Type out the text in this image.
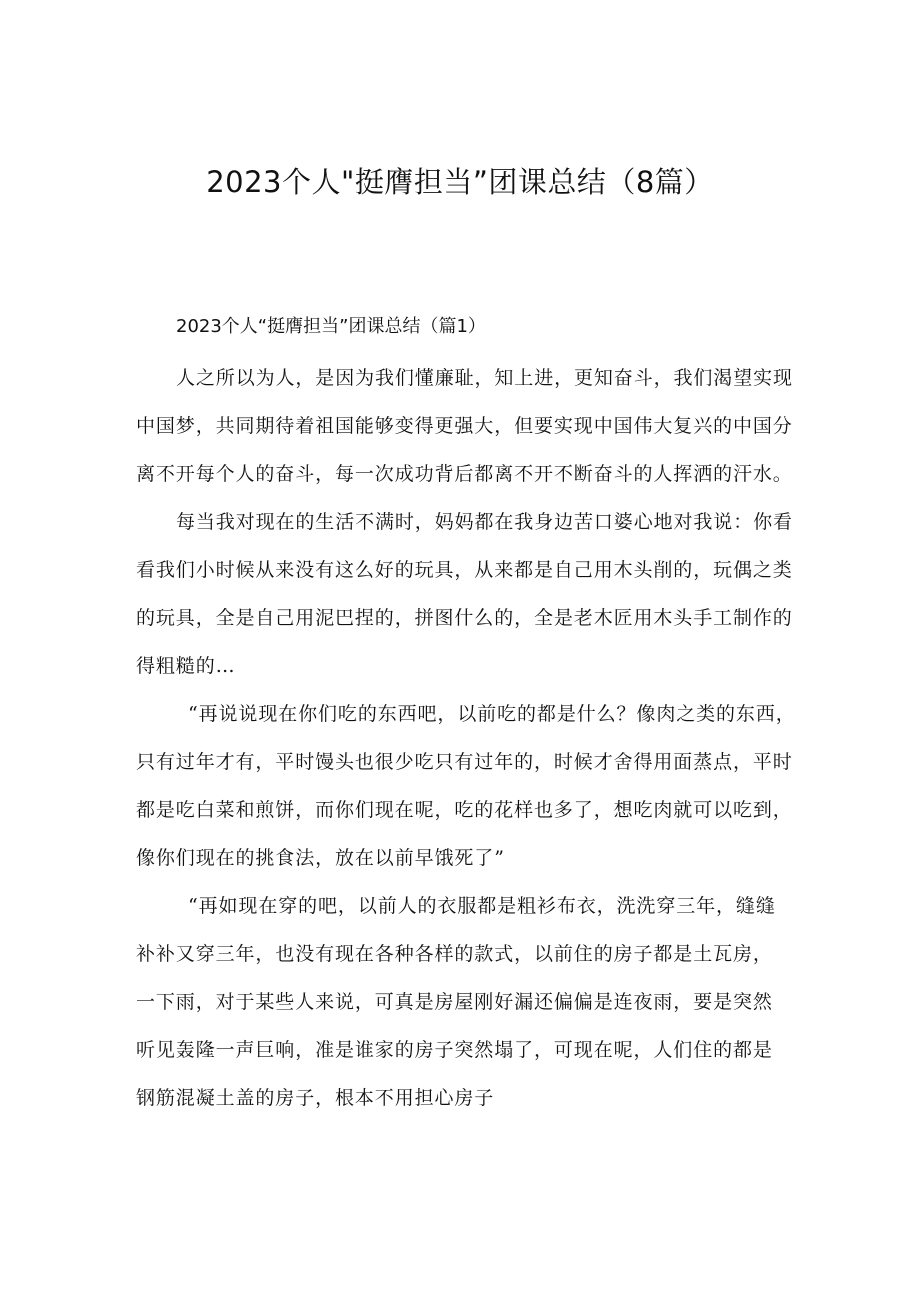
2023个人"挺膺担当”团课总结（8篇）
2023个人“挺膺担当”团课总结（篇1）

人之所以为人，是因为我们懂廉耻，知上进，更知奋斗，我们渴望实现
中国梦，共同期待着祖国能够变得更强大，但要实现中国伟大复兴的中国分
离不开每个人的奋斗，每一次成功背后都离不开不断奋斗的人挥洒的汗水。

每当我对现在的生活不满时，妈妈都在我身边苦口婆心地对我说：你看
看我们小时候从来没有这么好的玩具，从来都是自己用木头削的，玩偶之类
的玩具，全是自己用泥巴捏的，拼图什么的，全是老木匠用木头手工制作的
得粗糙的…

“再说说现在你们吃的东西吧，以前吃的都是什么？像肉之类的东西，
只有过年才有，平时馒头也很少吃只有过年的，时候才舍得用面蒸点，平时
都是吃白菜和煎饼，而你们现在呢，吃的花样也多了，想吃肉就可以吃到，
像你们现在的挑食法，放在以前早饿死了”

“再如现在穿的吧，以前人的衣服都是粗衫布衣，洗洗穿三年，缝缝
补补又穿三年，也没有现在各种各样的款式，以前住的房子都是土瓦房，
一下雨，对于某些人来说，可真是房屋刚好漏还偏偏是连夜雨，要是突然
听见轰隆一声巨响，准是谁家的房子突然塌了，可现在呢，人们住的都是
钢筋混凝土盖的房子，根本不用担心房子
